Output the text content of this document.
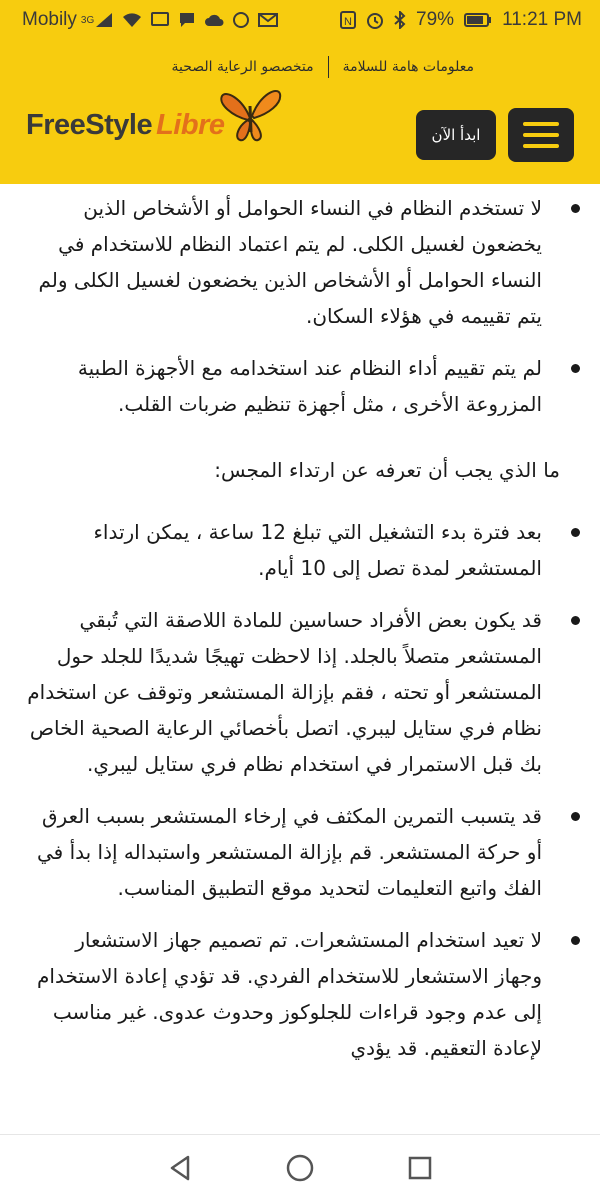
Mobily 3G	N	79%	11:21 PM
معلومات هامة للسلامة
متخصصو الرعاية الصحية
FreeStyle Libre	ابدأ الآن
لا تستخدم النظام في النساء الحوامل أو الأشخاص الذين يخضعون لغسيل الكلى. لم يتم اعتماد النظام للاستخدام في النساء الحوامل أو الأشخاص الذين يخضعون لغسيل الكلى ولم يتم تقييمه في هؤلاء السكان.
لم يتم تقييم أداء النظام عند استخدامه مع الأجهزة الطبية المزروعة الأخرى ، مثل أجهزة تنظيم ضربات القلب.

ما الذي يجب أن تعرفه عن ارتداء المجس:

بعد فترة بدء التشغيل التي تبلغ 12 ساعة ، يمكن ارتداء المستشعر لمدة تصل إلى 10 أيام.
قد يكون بعض الأفراد حساسين للمادة اللاصقة التي تُبقي المستشعر متصلاً بالجلد. إذا لاحظت تهيجًا شديدًا للجلد حول المستشعر أو تحته ، فقم بإزالة المستشعر وتوقف عن استخدام نظام فري ستايل ليبري. اتصل بأخصائي الرعاية الصحية الخاص بك قبل الاستمرار في استخدام نظام فري ستايل ليبري.
قد يتسبب التمرين المكثف في إرخاء المستشعر بسبب العرق أو حركة المستشعر. قم بإزالة المستشعر واستبداله إذا بدأ في الفك واتبع التعليمات لتحديد موقع التطبيق المناسب.
لا تعيد استخدام المستشعرات. تم تصميم جهاز الاستشعار وجهاز الاستشعار للاستخدام الفردي. قد تؤدي إعادة الاستخدام إلى عدم وجود قراءات للجلوكوز وحدوث عدوى. غير مناسب لإعادة التعقيم. قد يؤدي
